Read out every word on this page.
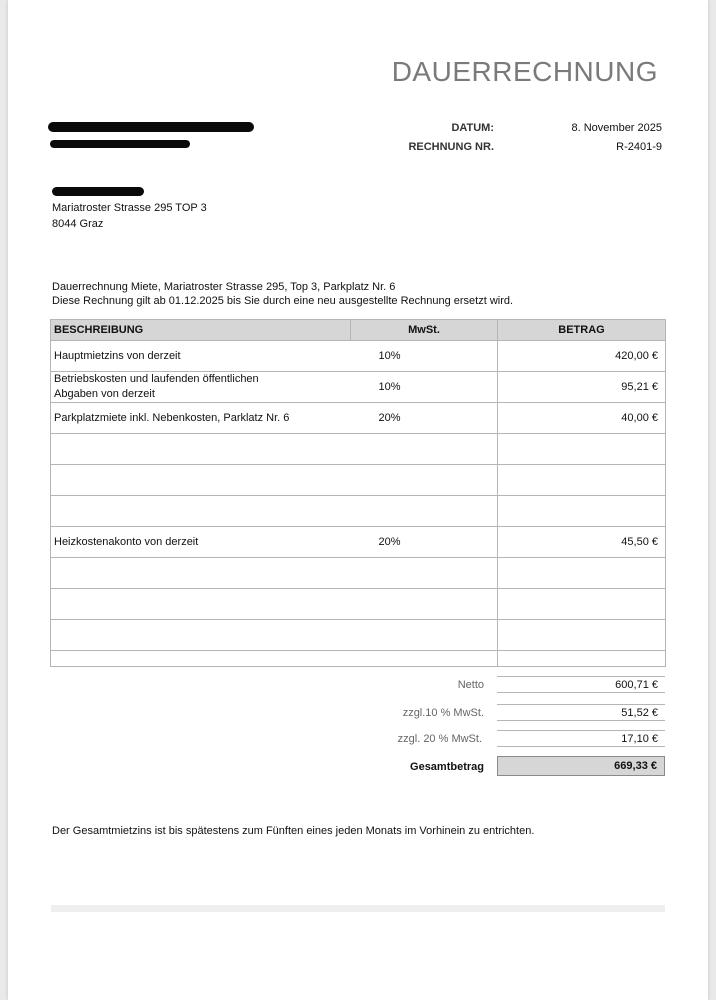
DAUERRECHNUNG
DATUM:	8. November 2025
RECHNUNG NR.	R-2401-9
Mariatroster Strasse 295 TOP 3
8044 Graz
Dauerrechnung Miete, Mariatroster Strasse 295, Top 3, Parkplatz Nr. 6
Diese Rechnung gilt ab 01.12.2025 bis Sie durch eine neu ausgestellte Rechnung ersetzt wird.
BESCHREIBUNG	MwSt.	BETRAG
Hauptmietzins von derzeit	10%	420,00 €
Betriebskosten und laufenden öffentlichen
Abgaben von derzeit	10%	95,21 €
Parkplatzmiete inkl. Nebenkosten, Parklatz Nr. 6	20%	40,00 €

Heizkostenakonto von derzeit	20%	45,50 €

Netto	600,71 €
zzgl.10 % MwSt.	51,52 €
zzgl. 20 % MwSt.	17,10 €
Gesamtbetrag	669,33 €
Der Gesamtmietzins ist bis spätestens zum Fünften eines jeden Monats im Vorhinein zu entrichten.
